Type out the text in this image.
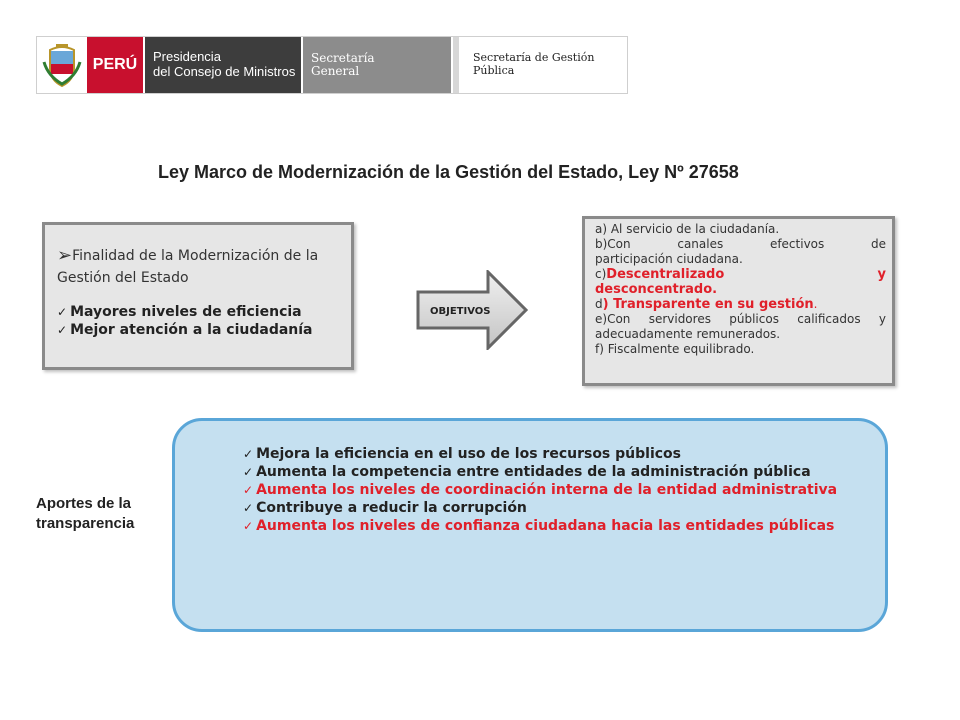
PERÚ	Presidencia
del Consejo de Ministros
Secretaría
General
Secretaría de Gestión
Pública
Ley Marco de Modernización de la Gestión del Estado, Ley Nº 27658
➢Finalidad de la Modernización de la Gestión del Estado
✓ Mayores niveles de eficiencia
✓ Mejor atención a la ciudadanía
OBJETIVOS

a) Al servicio de la ciudadanía.

b)Con canales efectivos de

participación ciudadana.

c)Descentralizado y

desconcentrado.

d) Transparente en su gestión.

e)Con servidores públicos calificados y

adecuadamente remunerados.

f) Fiscalmente equilibrado.

Aportes de la
transparencia
✓ Mejora la eficiencia en el uso de los recursos públicos
✓ Aumenta la competencia entre entidades de la administración pública
✓ Aumenta los niveles de coordinación interna de la entidad administrativa
✓ Contribuye a reducir la corrupción
✓ Aumenta los niveles de confianza ciudadana hacia las entidades públicas
